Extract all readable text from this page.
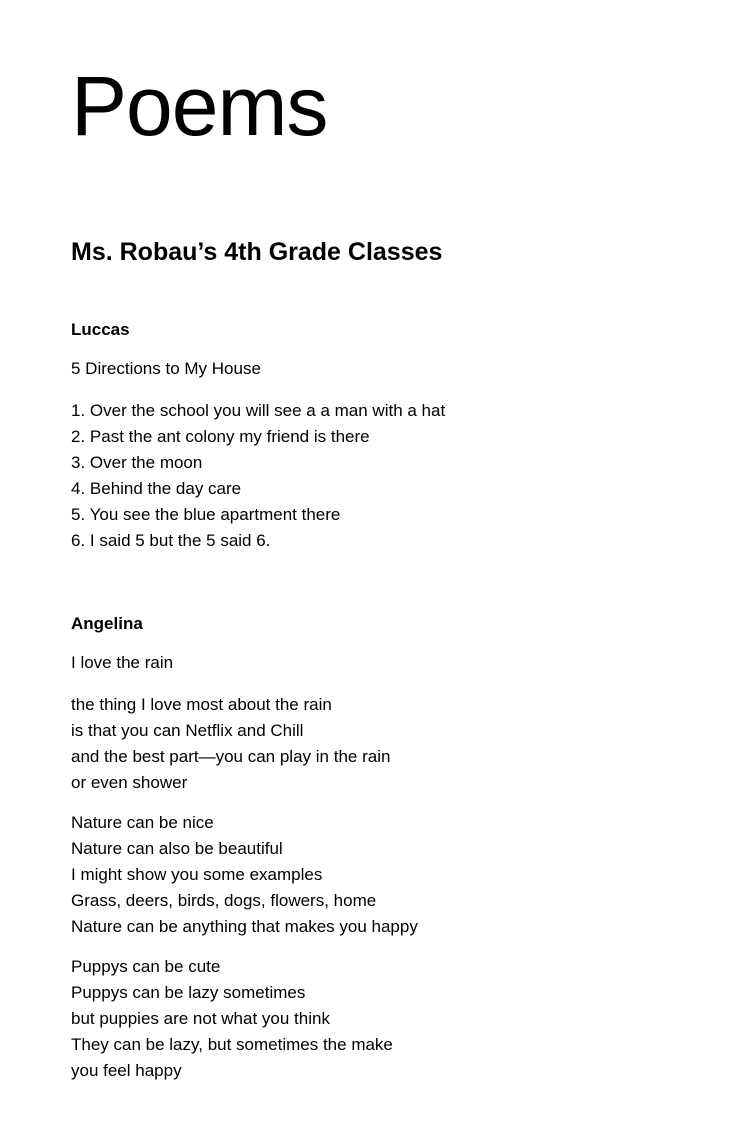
Poems
Ms. Robau’s 4th Grade Classes
Luccas
5 Directions to My House
1. Over the school you will see a a man with a hat
2. Past the ant colony my friend is there
3. Over the moon
4. Behind the day care
5. You see the blue apartment there
6. I said 5 but the 5 said 6.
Angelina
I love the rain
the thing I love most about the rain
is that you can Netflix and Chill
and the best part—you can play in the rain
or even shower
Nature can be nice
Nature can also be beautiful
I might show you some examples
Grass, deers, birds, dogs, flowers, home
Nature can be anything that makes you happy
Puppys can be cute
Puppys can be lazy sometimes
but puppies are not what you think
They can be lazy, but sometimes the make
you feel happy
